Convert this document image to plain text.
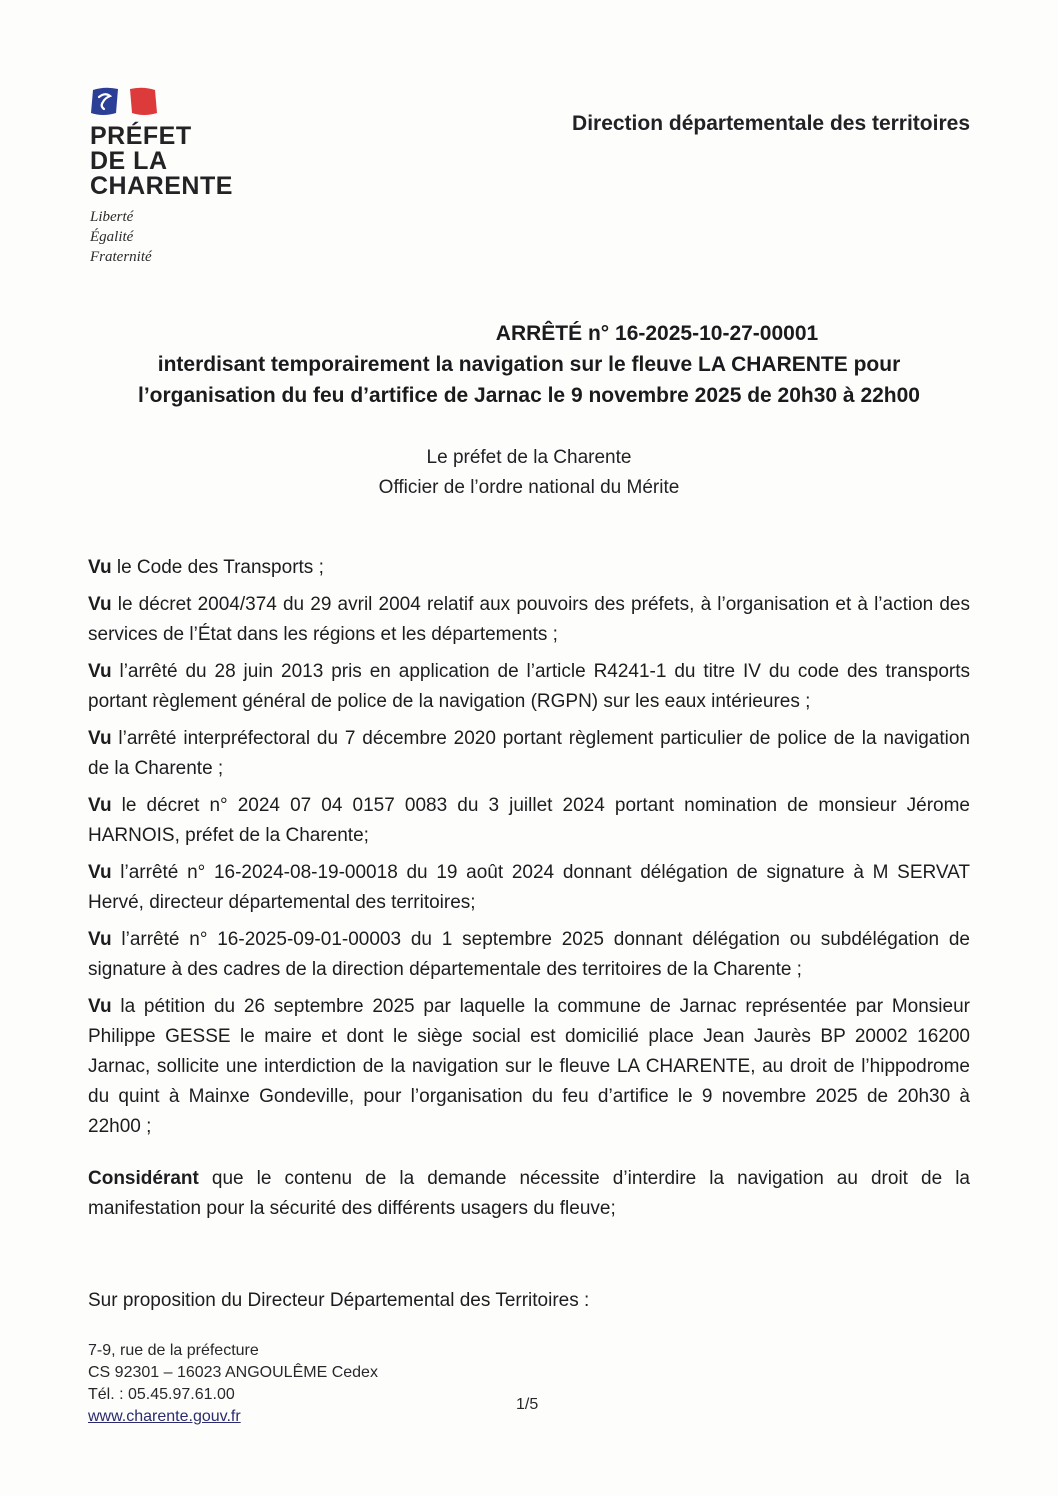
PRÉFET
DE LA
CHARENTE
Liberté
Égalité
Fraternité
Direction départementale des territoires
ARRÊTÉ n° 16-2025-10-27-00001
interdisant temporairement la navigation sur le fleuve LA CHARENTE pour
l’organisation du feu d’artifice de Jarnac le 9 novembre 2025 de 20h30 à 22h00
Le préfet de la Charente
Officier de l’ordre national du Mérite

Vu le Code des Transports ;

Vu le décret 2004/374 du 29 avril 2004 relatif aux pouvoirs des préfets, à l’organisation et à l’action des services de l’État dans les régions et les départements ;

Vu l’arrêté du 28 juin 2013 pris en application de l’article R4241-1 du titre IV du code des transports portant règlement général de police de la navigation (RGPN) sur les eaux intérieures ;

Vu l’arrêté interpréfectoral du 7 décembre 2020 portant règlement particulier de police de la navigation de la Charente ;

Vu le décret n° 2024 07 04 0157 0083 du 3 juillet 2024 portant nomination de monsieur Jérome HARNOIS, préfet de la Charente;

Vu l’arrêté n° 16-2024-08-19-00018 du 19 août 2024 donnant délégation de signature à M SERVAT Hervé, directeur départemental des territoires;

Vu l’arrêté n° 16-2025-09-01-00003 du 1 septembre 2025 donnant délégation ou subdélégation de signature à des cadres de la direction départementale des territoires de la Charente ;

Vu la pétition du 26 septembre 2025 par laquelle la commune de Jarnac représentée par Monsieur Philippe GESSE le maire et dont le siège social est domicilié place Jean Jaurès BP 20002 16200 Jarnac, sollicite une interdiction de la navigation sur le fleuve LA CHARENTE, au droit de l’hippodrome du quint à Mainxe Gondeville, pour l’organisation du feu d’artifice le 9 novembre 2025 de 20h30 à 22h00 ;

Considérant que le contenu de la demande nécessite d’interdire la navigation au droit de la manifestation pour la sécurité des différents usagers du fleuve;

Sur proposition du Directeur Départemental des Territoires :

7-9, rue de la préfecture
CS 92301 – 16023 ANGOULÊME Cedex
Tél. : 05.45.97.61.00
www.charente.gouv.fr
1/5
